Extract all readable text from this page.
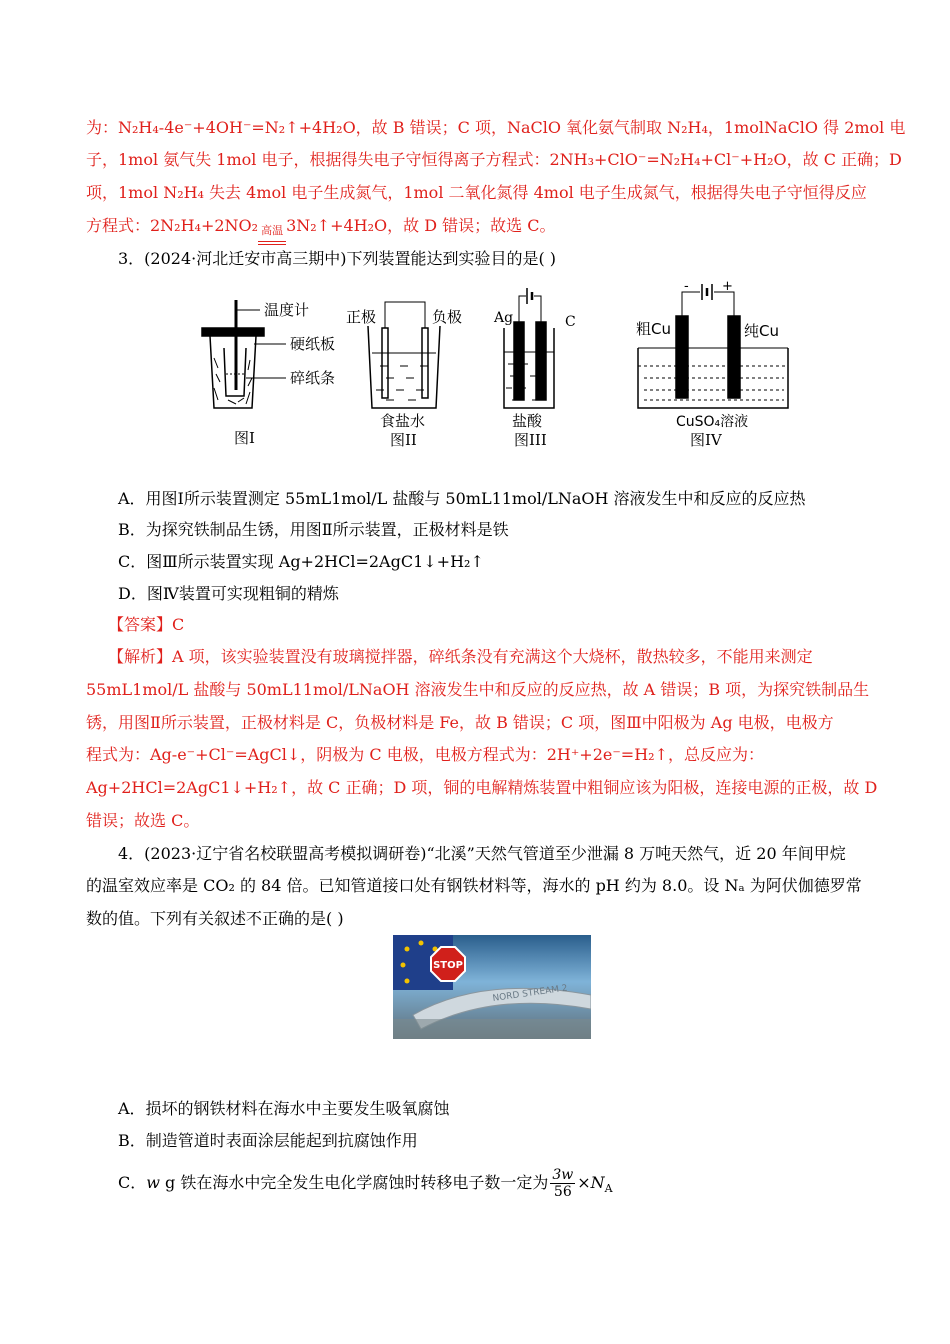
为：N₂H₄-4e⁻+4OH⁻=N₂↑+4H₂O，故 B 错误；C 项，NaClO 氧化氨气制取 N₂H₄，1molNaClO 得 2mol 电
子，1mol 氨气失 1mol 电子，根据得失电子守恒得离子方程式：2NH₃+ClO⁻=N₂H₄+Cl⁻+H₂O，故 C 正确；D
项，1mol N₂H₄ 失去 4mol 电子生成氮气，1mol 二氧化氮得 4mol 电子生成氮气，根据得失电子守恒得反应
方程式：2N₂H₄+2NO₂ 高温 3N₂↑+4H₂O，故 D 错误；故选 C。
3．(2024·河北迁安市高三期中)下列装置能达到实验目的是( )
温度计
硬纸板
碎纸条
图I
正极	负极
食盐水
图II
Ag	C
盐酸
图III
-	+
粗Cu	纯Cu
CuSO₄溶液
图IV
A．用图Ⅰ所示装置测定 55mL1mol/L 盐酸与 50mL11mol/LNaOH 溶液发生中和反应的反应热
B．为探究铁制品生锈，用图Ⅱ所示装置，正极材料是铁
C．图Ⅲ所示装置实现 Ag+2HCl=2AgC1↓+H₂↑
D．图Ⅳ装置可实现粗铜的精炼
【答案】C
【解析】A 项，该实验装置没有玻璃搅拌器，碎纸条没有充满这个大烧杯，散热较多，不能用来测定
55mL1mol/L 盐酸与 50mL11mol/LNaOH 溶液发生中和反应的反应热，故 A 错误；B 项，为探究铁制品生
锈，用图Ⅱ所示装置，正极材料是 C，负极材料是 Fe，故 B 错误；C 项，图Ⅲ中阳极为 Ag 电极，电极方
程式为：Ag-e⁻+Cl⁻=AgCl↓，阴极为 C 电极，电极方程式为：2H⁺+2e⁻=H₂↑，总反应为：
Ag+2HCl=2AgC1↓+H₂↑，故 C 正确；D 项，铜的电解精炼装置中粗铜应该为阳极，连接电源的正极，故 D
错误；故选 C。
4．(2023·辽宁省名校联盟高考模拟调研卷)“北溪”天然气管道至少泄漏 8 万吨天然气，近 20 年间甲烷
的温室效应率是 CO₂ 的 84 倍。已知管道接口处有钢铁材料等，海水的 pH 约为 8.0。设 Nₐ 为阿伏伽德罗常
数的值。下列有关叙述不正确的是( )
STOP
NORD STREAM 2
A．损坏的钢铁材料在海水中主要发生吸氧腐蚀
B．制造管道时表面涂层能起到抗腐蚀作用
C．w g 铁在海水中完全发生电化学腐蚀时转移电子数一定为 $\frac{3w}{56} \times N_A$
